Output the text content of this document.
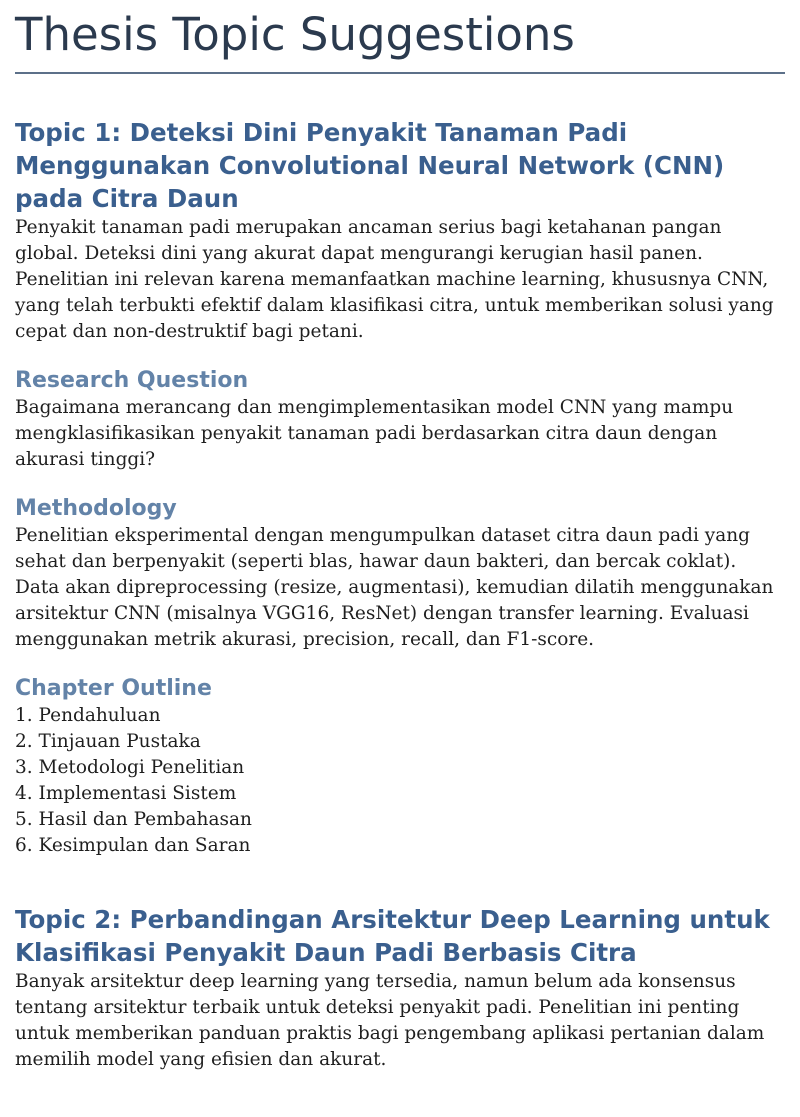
Thesis Topic Suggestions
Topic 1: Deteksi Dini Penyakit Tanaman Padi Menggunakan Convolutional Neural Network (CNN) pada Citra Daun

Penyakit tanaman padi merupakan ancaman serius bagi ketahanan pangan global. Deteksi dini yang akurat dapat mengurangi kerugian hasil panen. Penelitian ini relevan karena memanfaatkan machine learning, khususnya CNN, yang telah terbukti efektif dalam klasifikasi citra, untuk memberikan solusi yang cepat dan non-destruktif bagi petani.

Research Question

Bagaimana merancang dan mengimplementasikan model CNN yang mampu mengklasifikasikan penyakit tanaman padi berdasarkan citra daun dengan akurasi tinggi?

Methodology

Penelitian eksperimental dengan mengumpulkan dataset citra daun padi yang sehat dan berpenyakit (seperti blas, hawar daun bakteri, dan bercak coklat). Data akan dipreprocessing (resize, augmentasi), kemudian dilatih menggunakan arsitektur CNN (misalnya VGG16, ResNet) dengan transfer learning. Evaluasi menggunakan metrik akurasi, precision, recall, dan F1-score.

Chapter Outline
1. Pendahuluan
2. Tinjauan Pustaka
3. Metodologi Penelitian
4. Implementasi Sistem
5. Hasil dan Pembahasan
6. Kesimpulan dan Saran
Topic 2: Perbandingan Arsitektur Deep Learning untuk Klasifikasi Penyakit Daun Padi Berbasis Citra

Banyak arsitektur deep learning yang tersedia, namun belum ada konsensus tentang arsitektur terbaik untuk deteksi penyakit padi. Penelitian ini penting untuk memberikan panduan praktis bagi pengembang aplikasi pertanian dalam memilih model yang efisien dan akurat.
